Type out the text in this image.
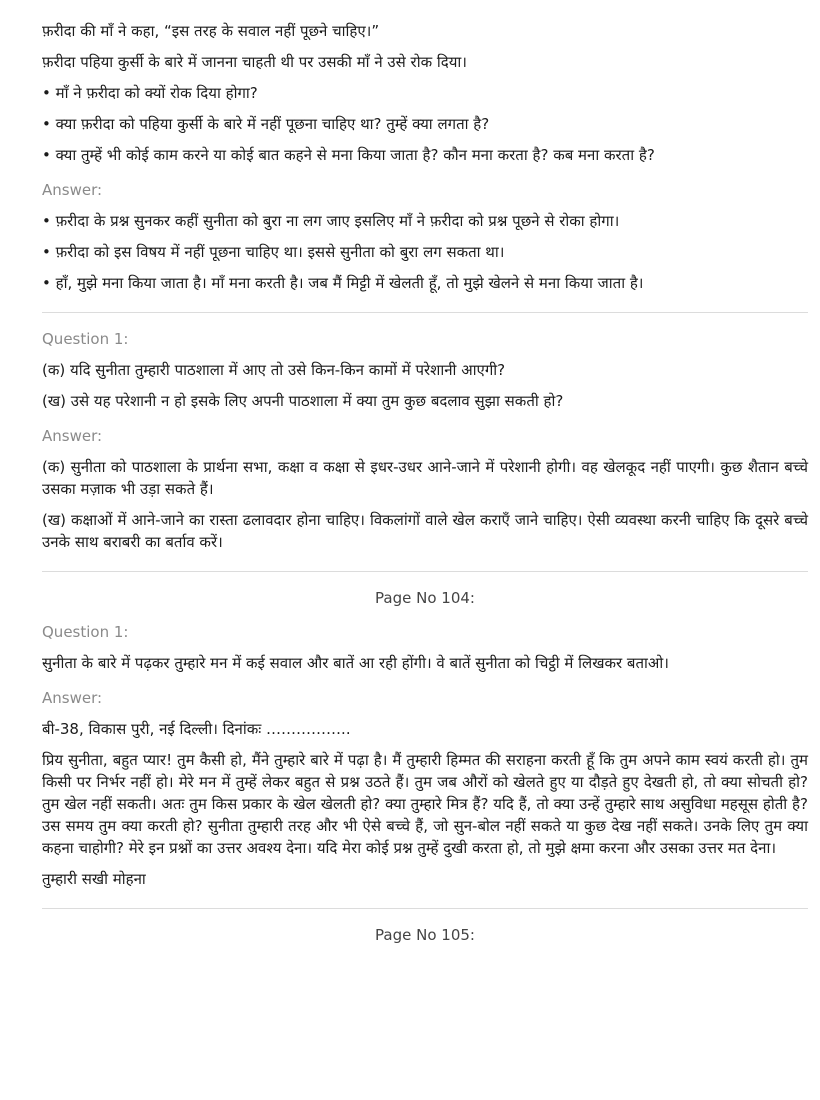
फ़रीदा की माँ ने कहा, “इस तरह के सवाल नहीं पूछने चाहिए।”

फ़रीदा पहिया कुर्सी के बारे में जानना चाहती थी पर उसकी माँ ने उसे रोक दिया।

• माँ ने फ़रीदा को क्यों रोक दिया होगा?

• क्या फ़रीदा को पहिया कुर्सी के बारे में नहीं पूछना चाहिए था? तुम्हें क्या लगता है?

• क्या तुम्हें भी कोई काम करने या कोई बात कहने से मना किया जाता है? कौन मना करता है? कब मना करता है?

Answer:

• फ़रीदा के प्रश्न सुनकर कहीं सुनीता को बुरा ना लग जाए इसलिए माँ ने फ़रीदा को प्रश्न पूछने से रोका होगा।

• फ़रीदा को इस विषय में नहीं पूछना चाहिए था। इससे सुनीता को बुरा लग सकता था।

• हाँ, मुझे मना किया जाता है। माँ मना करती है। जब मैं मिट्टी में खेलती हूँ, तो मुझे खेलने से मना किया जाता है।

Question 1:

(क) यदि सुनीता तुम्हारी पाठशाला में आए तो उसे किन-किन कामों में परेशानी आएगी?

(ख) उसे यह परेशानी न हो इसके लिए अपनी पाठशाला में क्या तुम कुछ बदलाव सुझा सकती हो?

Answer:

(क) सुनीता को पाठशाला के प्रार्थना सभा, कक्षा व कक्षा से इधर-उधर आने-जाने में परेशानी होगी। वह खेलकूद नहीं पाएगी। कुछ शैतान बच्चे उसका मज़ाक भी उड़ा सकते हैं।

(ख) कक्षाओं में आने-जाने का रास्ता ढलावदार होना चाहिए। विकलांगों वाले खेल कराएँ जाने चाहिए। ऐसी व्यवस्था करनी चाहिए कि दूसरे बच्चे उनके साथ बराबरी का बर्ताव करें।

Page No 104:

Question 1:

सुनीता के बारे में पढ़कर तुम्हारे मन में कई सवाल और बातें आ रही होंगी। वे बातें सुनीता को चिट्ठी में लिखकर बताओ।

Answer:

बी-38, विकास पुरी, नई दिल्ली। दिनांकः ……………..

प्रिय सुनीता, बहुत प्यार! तुम कैसी हो, मैंने तुम्हारे बारे में पढ़ा है। मैं तुम्हारी हिम्मत की सराहना करती हूँ कि तुम अपने काम स्वयं करती हो। तुम किसी पर निर्भर नहीं हो। मेरे मन में तुम्हें लेकर बहुत से प्रश्न उठते हैं। तुम जब औरों को खेलते हुए या दौड़ते हुए देखती हो, तो क्या सोचती हो? तुम खेल नहीं सकती। अतः तुम किस प्रकार के खेल खेलती हो? क्या तुम्हारे मित्र हैं? यदि हैं, तो क्या उन्हें तुम्हारे साथ असुविधा महसूस होती है? उस समय तुम क्या करती हो? सुनीता तुम्हारी तरह और भी ऐसे बच्चे हैं, जो सुन-बोल नहीं सकते या कुछ देख नहीं सकते। उनके लिए तुम क्या कहना चाहोगी? मेरे इन प्रश्नों का उत्तर अवश्य देना। यदि मेरा कोई प्रश्न तुम्हें दुखी करता हो, तो मुझे क्षमा करना और उसका उत्तर मत देना।

तुम्हारी सखी मोहना

Page No 105:
